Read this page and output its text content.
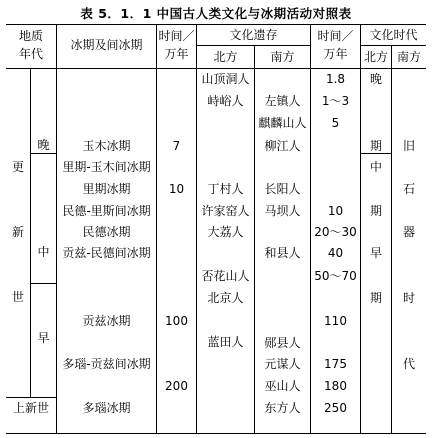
表 5．1．1 中国古人类文化与冰期活动对照表
地质
年代
冰期及间冰期
时间／
万年
文化遗存
北方	南方
时间／
万年
文化时代
北方 南方
更
新
世
晚
中
早
上新世
玉木冰期
里期-玉木间冰期
里期冰期
民德-里斯间冰期
民德冰期
贡兹-民德间冰期
贡兹冰期
多瑙-贡兹间冰期
多瑙冰期
7
10
100
200
山顶洞人
峙峪人
丁村人
许家窑人
大荔人
否花山人
北京人
蓝田人
左镇人
麒麟山人
柳江人
长阳人
马坝人
和县人
郧县人
元谋人
巫山人
东方人
1.8
1～3
5
10
20～30
40
50～70
110
175
180
250
晚
期
中
期
早
期
旧
石
器
时
代
